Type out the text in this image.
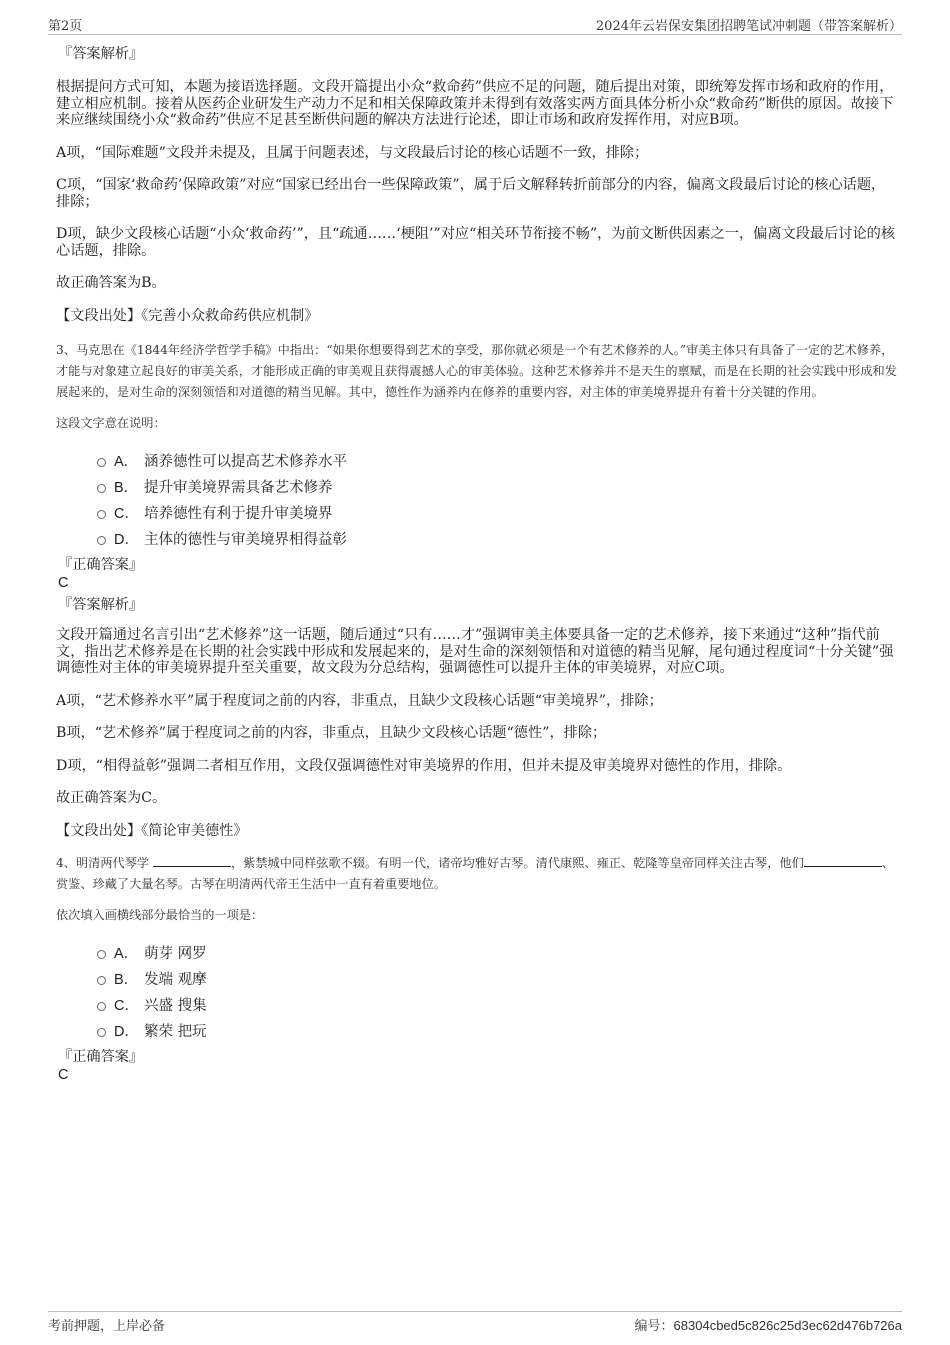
第2页	2024年云岩保安集团招聘笔试冲刺题（带答案解析）

『答案解析』

根据提问方式可知，本题为接语选择题。文段开篇提出小众“救命药”供应不足的问题，随后提出对策，即统筹发挥市场和政府的作用，建立相应机制。接着从医药企业研发生产动力不足和相关保障政策并未得到有效落实两方面具体分析小众“救命药”断供的原因。故接下来应继续围绕小众“救命药”供应不足甚至断供问题的解决方法进行论述，即让市场和政府发挥作用，对应B项。

A项，“国际难题”文段并未提及，且属于问题表述，与文段最后讨论的核心话题不一致，排除；

C项，“国家‘救命药’保障政策”对应“国家已经出台一些保障政策”，属于后文解释转折前部分的内容，偏离文段最后讨论的核心话题，排除；

D项，缺少文段核心话题“小众‘救命药’”，且“疏通……‘梗阻’”对应“相关环节衔接不畅”，为前文断供因素之一，偏离文段最后讨论的核心话题，排除。

故正确答案为B。

【文段出处】《完善小众救命药供应机制》

3、马克思在《1844年经济学哲学手稿》中指出：“如果你想要得到艺术的享受，那你就必须是一个有艺术修养的人。”审美主体只有具备了一定的艺术修养，才能与对象建立起良好的审美关系，才能形成正确的审美观且获得震撼人心的审美体验。这种艺术修养并不是天生的禀赋，而是在长期的社会实践中形成和发展起来的，是对生命的深刻领悟和对道德的精当见解。其中，德性作为涵养内在修养的重要内容，对主体的审美境界提升有着十分关键的作用。

这段文字意在说明：

A． 涵养德性可以提高艺术修养水平
B． 提升审美境界需具备艺术修养
C． 培养德性有利于提升审美境界
D． 主体的德性与审美境界相得益彰

『正确答案』

C

『答案解析』

文段开篇通过名言引出“艺术修养”这一话题，随后通过“只有……才”强调审美主体要具备一定的艺术修养，接下来通过“这种”指代前文，指出艺术修养是在长期的社会实践中形成和发展起来的，是对生命的深刻领悟和对道德的精当见解，尾句通过程度词“十分关键”强调德性对主体的审美境界提升至关重要，故文段为分总结构，强调德性可以提升主体的审美境界，对应C项。

A项，“艺术修养水平”属于程度词之前的内容，非重点，且缺少文段核心话题“审美境界”，排除；

B项，“艺术修养”属于程度词之前的内容，非重点，且缺少文段核心话题“德性”，排除；

D项，“相得益彰”强调二者相互作用，文段仅强调德性对审美境界的作用，但并未提及审美境界对德性的作用，排除。

故正确答案为C。

【文段出处】《简论审美德性》

4、明清两代琴学	，紫禁城中同样弦歌不辍。有明一代，诸帝均雅好古琴。清代康熙、雍正、乾隆等皇帝同样关注古琴，他们	、赏鉴、珍藏了大量名琴。古琴在明清两代帝王生活中一直有着重要地位。

依次填入画横线部分最恰当的一项是：

A． 萌芽 网罗
B． 发端 观摩
C． 兴盛 搜集
D． 繁荣 把玩

『正确答案』

C

考前押题，上岸必备	编号：68304cbed5c826c25d3ec62d476b726a
